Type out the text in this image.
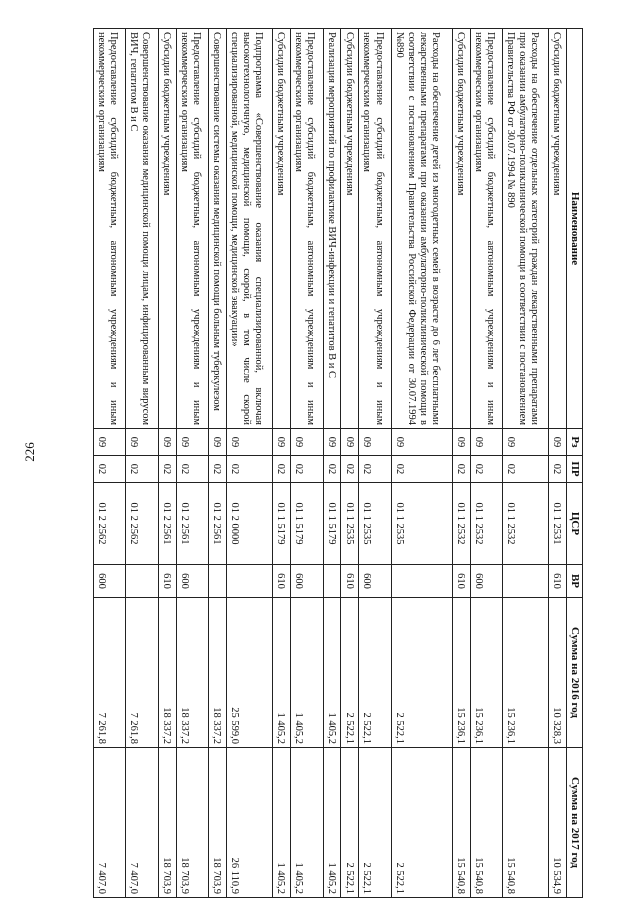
226
Наименование	Рз	ПР	ЦСР	ВР	Сумма на 2016 год	Сумма на 2017 год
Субсидии бюджетным учреждениям	09	02	01 1 2531	610	10 328,3	10 534,9
Расходы на обеспечение отдельных категорий граждан лекарственными препаратами при оказании амбулаторно-поликлинической помощи в соответствии с постановлением Правительства РФ от 30.07.1994 № 890	09	02	01 1 2532		15 236,1	15 540,8
Предоставление субсидий бюджетным, автономным учреждениям и иным некоммерческим организациям	09	02	01 1 2532	600	15 236,1	15 540,8
Субсидии бюджетным учреждениям	09	02	01 1 2532	610	15 236,1	15 540,8
Расходы на обеспечение детей из многодетных семей в возрасте до 6 лет бесплатными лекарственными препаратами при оказании амбулаторно-поликлинической помощи в соответствии с постановлением Правительства Российской Федерации от 30.07.1994 №890	09	02	01 1 2535		2 522,1	2 522,1
Предоставление субсидий бюджетным, автономным учреждениям и иным некоммерческим организациям	09	02	01 1 2535	600	2 522,1	2 522,1
Субсидии бюджетным учреждениям	09	02	01 1 2535	610	2 522,1	2 522,1
Реализация мероприятий по профилактике ВИЧ-инфекции и гепатитов В и С	09	02	01 1 5179		1 405,2	1 405,2
Предоставление субсидий бюджетным, автономным учреждениям и иным некоммерческим организациям	09	02	01 1 5179	600	1 405,2	1 405,2
Субсидии бюджетным учреждениям	09	02	01 1 5179	610	1 405,2	1 405,2
Подпрограмма «Совершенствование оказания специализированной, включая высокотехнологичную, медицинской помощи, скорой, в том числе скорой специализированной, медицинской помощи, медицинской эвакуации»	09	02	01 2 0000		25 599,0	26 110,9
Совершенствование системы оказания медицинской помощи больным туберкулезом	09	02	01 2 2561		18 337,2	18 703,9
Предоставление субсидий бюджетным, автономным учреждениям и иным некоммерческим организациям	09	02	01 2 2561	600	18 337,2	18 703,9
Субсидии бюджетным учреждениям	09	02	01 2 2561	610	18 337,2	18 703,9
Совершенствование оказания медицинской помощи лицам, инфицированным вирусом ВИЧ, гепатитом В и С	09	02	01 2 2562		7 261,8	7 407,0
Предоставление субсидий бюджетным, автономным учреждениям и иным некоммерческим организациям	09	02	01 2 2562	600	7 261,8	7 407,0
